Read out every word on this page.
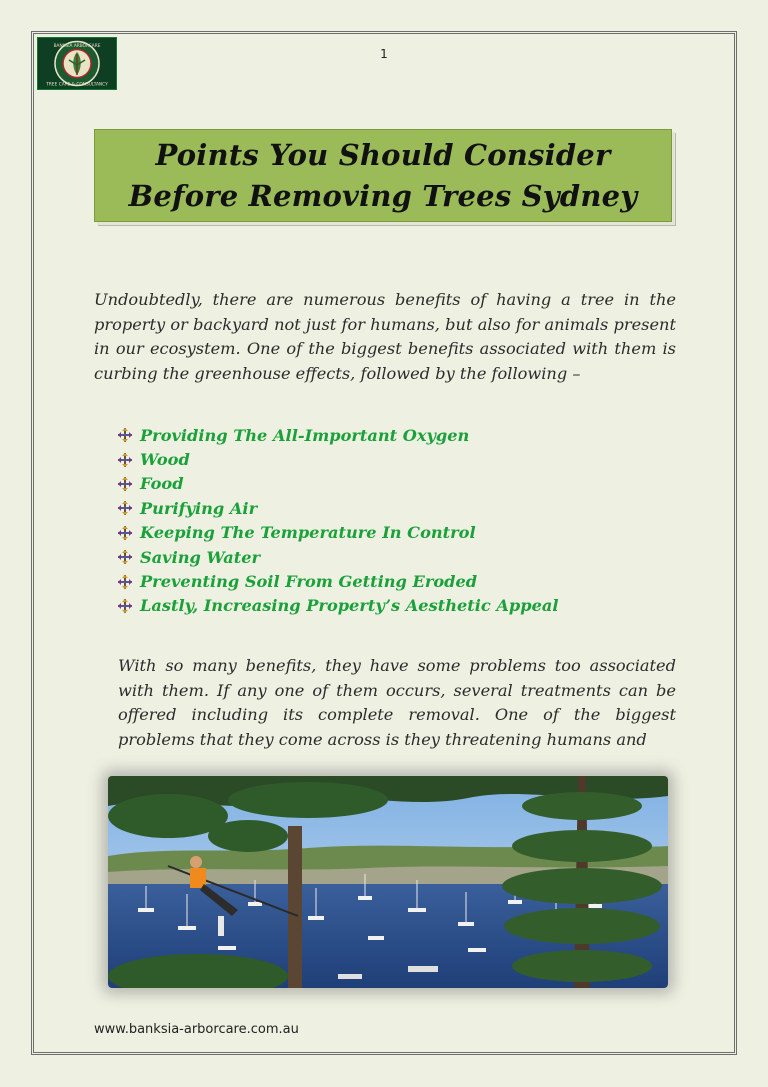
BANKSIA ARBORCARE
TREE CARE & CONSULTANCY
1
Points You Should Consider
Before Removing Trees Sydney

Undoubtedly, there are numerous benefits of having a tree in the property or backyard not just for humans, but also for animals present in our ecosystem. One of the biggest benefits associated with them is curbing the greenhouse effects, followed by the following –

Providing The All-Important Oxygen
Wood
Food
Purifying Air
Keeping The Temperature In Control
Saving Water
Preventing Soil From Getting Eroded
Lastly, Increasing Property’s Aesthetic Appeal

With so many benefits, they have some problems too associated with them. If any one of them occurs, several treatments can be offered including its complete removal. One of the biggest problems that they come across is they threatening humans and

www.banksia-arborcare.com.au
